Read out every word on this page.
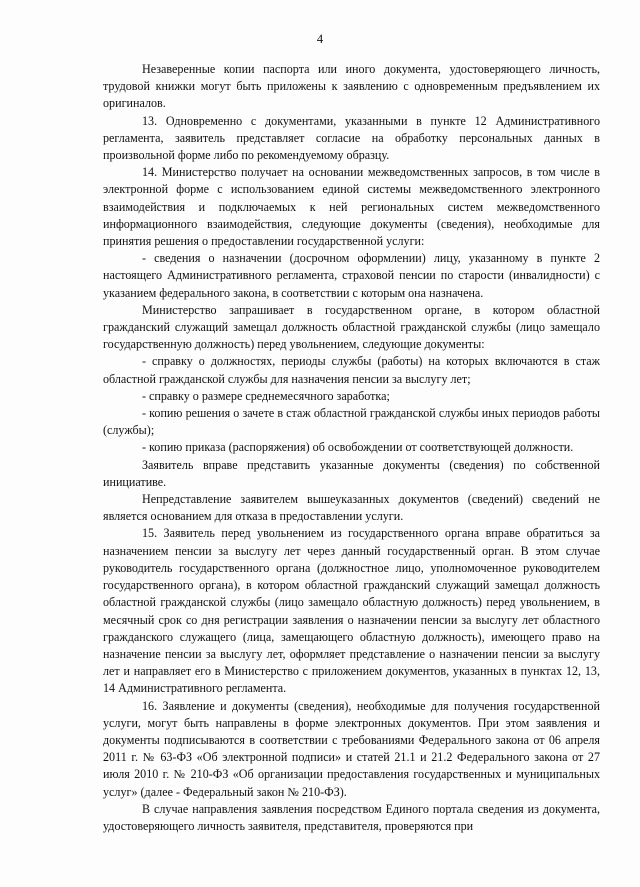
4

Незаверенные копии паспорта или иного документа, удостоверяющего личность, трудовой книжки могут быть приложены к заявлению с одновременным предъявлением их оригиналов.

13. Одновременно с документами, указанными в пункте 12 Административного регламента, заявитель представляет согласие на обработку персональных данных в произвольной форме либо по рекомендуемому образцу.

14. Министерство получает на основании межведомственных запросов, в том числе в электронной форме с использованием единой системы межведомственного электронного взаимодействия и подключаемых к ней региональных систем межведомственного информационного взаимодействия, следующие документы (сведения), необходимые для принятия решения о предоставлении государственной услуги:

- сведения о назначении (досрочном оформлении) лицу, указанному в пункте 2 настоящего Административного регламента, страховой пенсии по старости (инвалидности) с указанием федерального закона, в соответствии с которым она назначена.

Министерство запрашивает в государственном органе, в котором областной гражданский служащий замещал должность областной гражданской службы (лицо замещало государственную должность) перед увольнением, следующие документы:

- справку о должностях, периоды службы (работы) на которых включаются в стаж областной гражданской службы для назначения пенсии за выслугу лет;

- справку о размере среднемесячного заработка;

- копию решения о зачете в стаж областной гражданской службы иных периодов работы (службы);

- копию приказа (распоряжения) об освобождении от соответствующей должности.

Заявитель вправе представить указанные документы (сведения) по собственной инициативе.

Непредставление заявителем вышеуказанных документов (сведений) сведений не является основанием для отказа в предоставлении услуги.

15. Заявитель перед увольнением из государственного органа вправе обратиться за назначением пенсии за выслугу лет через данный государственный орган. В этом случае руководитель государственного органа (должностное лицо, уполномоченное руководителем государственного органа), в котором областной гражданский служащий замещал должность областной гражданской службы (лицо замещало областную должность) перед увольнением, в месячный срок со дня регистрации заявления о назначении пенсии за выслугу лет областного гражданского служащего (лица, замещающего областную должность), имеющего право на назначение пенсии за выслугу лет, оформляет представление о назначении пенсии за выслугу лет и направляет его в Министерство с приложением документов, указанных в пунктах 12, 13, 14 Административного регламента.

16. Заявление и документы (сведения), необходимые для получения государственной услуги, могут быть направлены в форме электронных документов. При этом заявления и документы подписываются в соответствии с требованиями Федерального закона от 06 апреля 2011 г. № 63-ФЗ «Об электронной подписи» и статей 21.1 и 21.2 Федерального закона от 27 июля 2010 г. № 210-ФЗ «Об организации предоставления государственных и муниципальных услуг» (далее - Федеральный закон № 210-ФЗ).

В случае направления заявления посредством Единого портала сведения из документа, удостоверяющего личность заявителя, представителя, проверяются при
